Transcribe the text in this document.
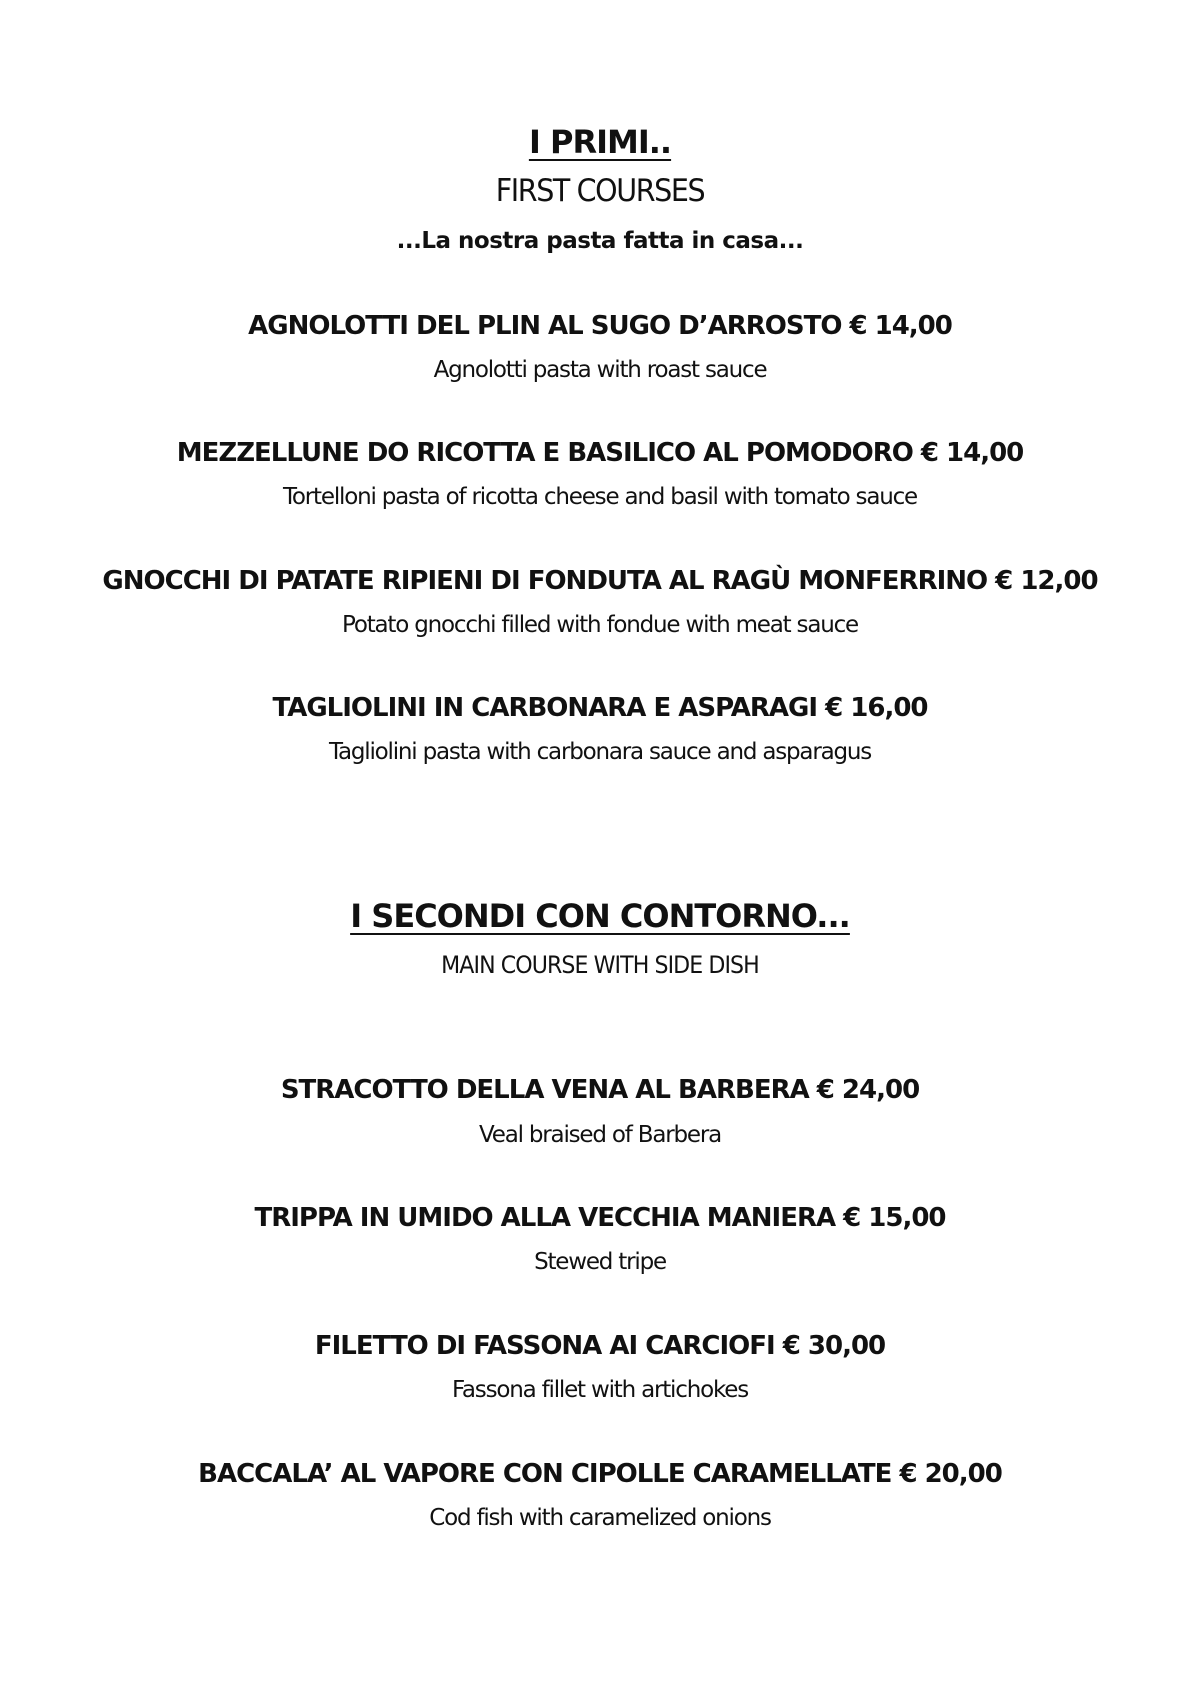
I PRIMI..
FIRST COURSES
...La nostra pasta fatta in casa...
AGNOLOTTI DEL PLIN AL SUGO D’ARROSTO € 14,00
Agnolotti pasta with roast sauce
MEZZELLUNE DO RICOTTA E BASILICO AL POMODORO € 14,00
Tortelloni pasta of ricotta cheese and basil with tomato sauce
GNOCCHI DI PATATE RIPIENI DI FONDUTA AL RAGÙ MONFERRINO € 12,00
Potato gnocchi filled with fondue with meat sauce
TAGLIOLINI IN CARBONARA E ASPARAGI € 16,00
Tagliolini pasta with carbonara sauce and asparagus
I SECONDI CON CONTORNO...
MAIN COURSE WITH SIDE DISH
STRACOTTO DELLA VENA AL BARBERA € 24,00
Veal braised of Barbera
TRIPPA IN UMIDO ALLA VECCHIA MANIERA € 15,00
Stewed tripe
FILETTO DI FASSONA AI CARCIOFI € 30,00
Fassona fillet with artichokes
BACCALA’ AL VAPORE CON CIPOLLE CARAMELLATE € 20,00
Cod fish with caramelized onions
